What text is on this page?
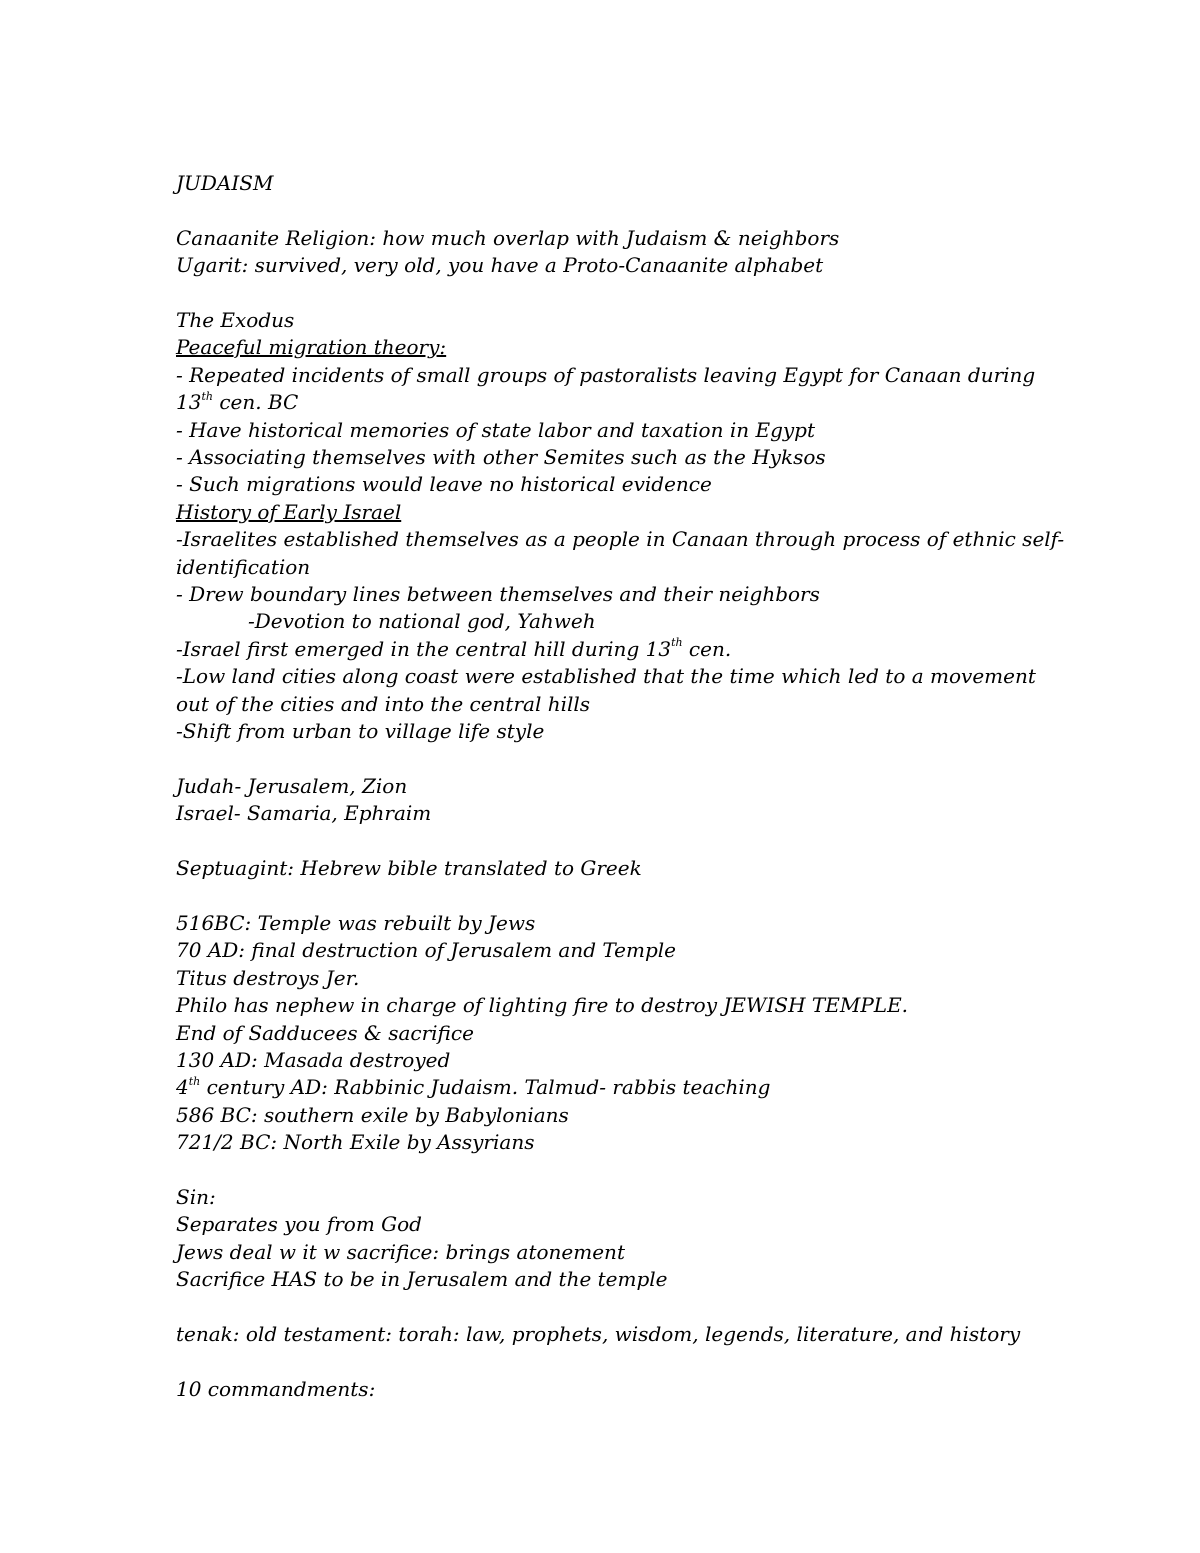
JUDAISM
Canaanite Religion: how much overlap with Judaism & neighbors
Ugarit: survived, very old, you have a Proto-Canaanite alphabet
The Exodus
Peaceful migration theory:
- Repeated incidents of small groups of pastoralists leaving Egypt for Canaan during
13th cen. BC
- Have historical memories of state labor and taxation in Egypt
- Associating themselves with other Semites such as the Hyksos
- Such migrations would leave no historical evidence
History of Early Israel
-Israelites established themselves as a people in Canaan through process of ethnic self-
identification
- Drew boundary lines between themselves and their neighbors
-Devotion to national god, Yahweh
-Israel first emerged in the central hill during 13th cen.
-Low land cities along coast were established that the time which led to a movement
out of the cities and into the central hills
-Shift from urban to village life style
Judah- Jerusalem, Zion
Israel- Samaria, Ephraim
Septuagint: Hebrew bible translated to Greek
516BC: Temple was rebuilt by Jews
70 AD: final destruction of Jerusalem and Temple
Titus destroys Jer.
Philo has nephew in charge of lighting fire to destroy JEWISH TEMPLE.
End of Sadducees & sacrifice
130 AD: Masada destroyed
4th century AD: Rabbinic Judaism. Talmud- rabbis teaching
586 BC: southern exile by Babylonians
721/2 BC: North Exile by Assyrians
Sin:
Separates you from God
Jews deal w it w sacrifice: brings atonement
Sacrifice HAS to be in Jerusalem and the temple
tenak: old testament: torah: law, prophets, wisdom, legends, literature, and history
10 commandments:
